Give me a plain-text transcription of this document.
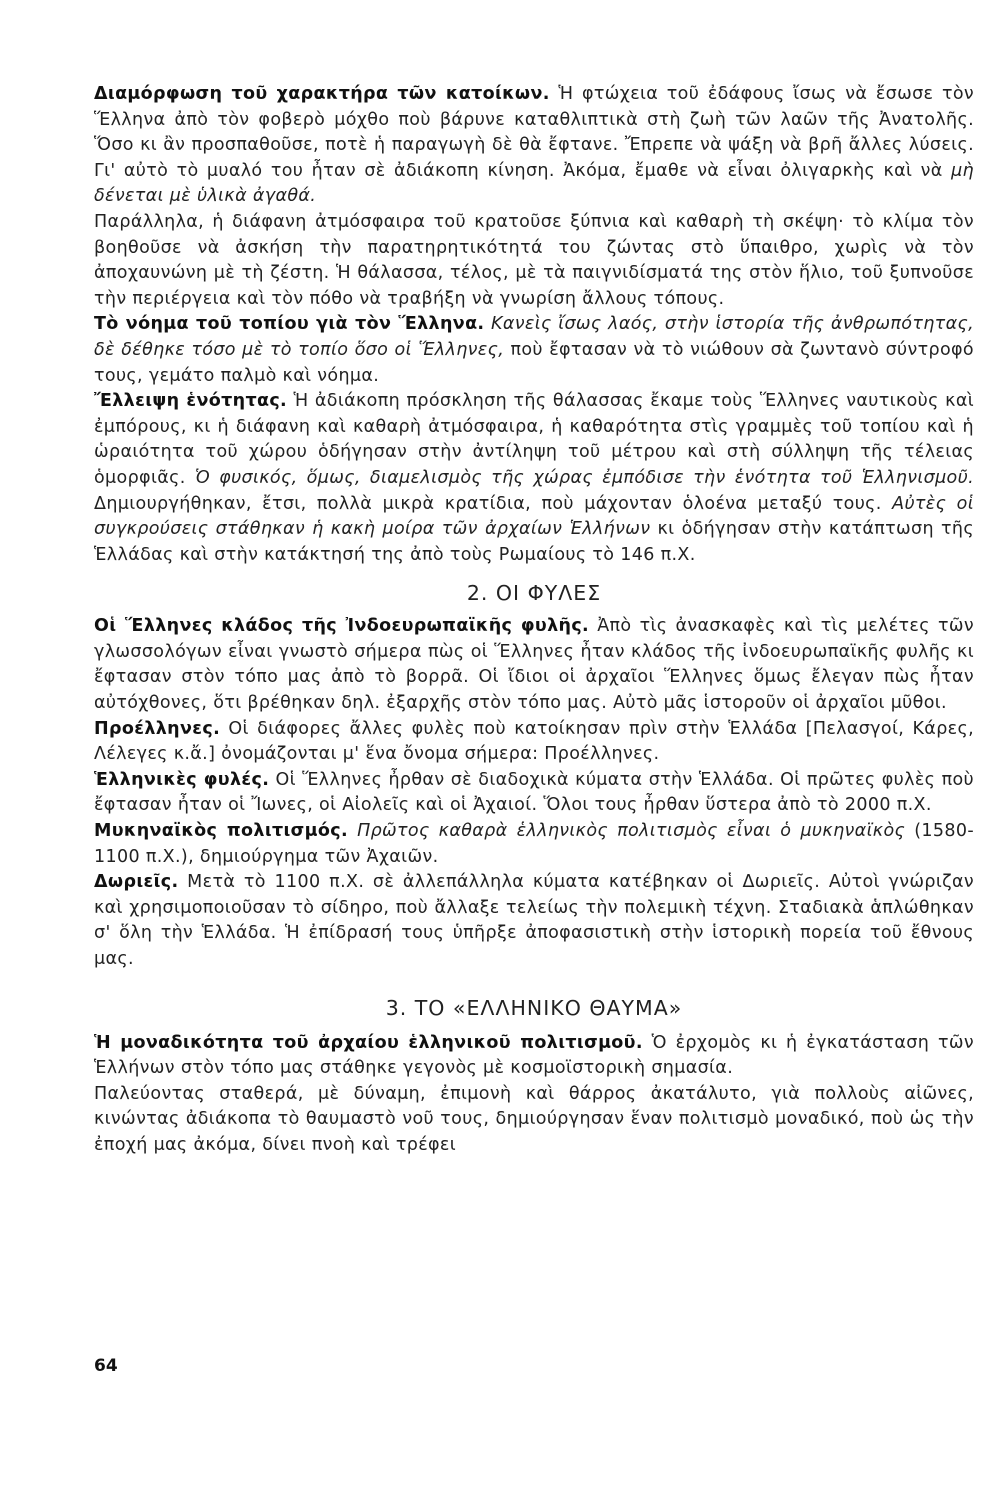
Διαμόρφωση τοῦ χαρακτήρα τῶν κατοίκων. Ἡ φτώχεια τοῦ ἐδάφους ἴσως νὰ ἔσωσε τὸν Ἕλληνα ἀπὸ τὸν φοβερὸ μόχθο ποὺ βάρυνε καταθλιπτικὰ στὴ ζωὴ τῶν λαῶν τῆς Ἀνατολῆς. Ὅσο κι ἂν προσπαθοῦσε, ποτὲ ἡ παραγωγὴ δὲ θὰ ἔφτανε. Ἔπρεπε νὰ ψάξη νὰ βρῆ ἄλλες λύσεις. Γι' αὐτὸ τὸ μυαλό του ἦταν σὲ ἀδιάκοπη κίνηση. Ἀκόμα, ἔμαθε νὰ εἶναι ὀλιγαρκὴς καὶ νὰ μὴ δένεται μὲ ὑλικὰ ἀγαθά.

Παράλληλα, ἡ διάφανη ἀτμόσφαιρα τοῦ κρατοῦσε ξύπνια καὶ καθαρὴ τὴ σκέψη· τὸ κλίμα τὸν βοηθοῦσε νὰ ἀσκήση τὴν παρατηρητικότητά του ζώντας στὸ ὕπαιθρο, χωρὶς νὰ τὸν ἀποχαυνώνη μὲ τὴ ζέστη. Ἡ θάλασσα, τέλος, μὲ τὰ παιγνιδίσματά της στὸν ἥλιο, τοῦ ξυπνοῦσε τὴν περιέργεια καὶ τὸν πόθο νὰ τραβήξη νὰ γνωρίση ἄλλους τόπους.

Τὸ νόημα τοῦ τοπίου γιὰ τὸν Ἕλληνα. Κανεὶς ἴσως λαός, στὴν ἱστορία τῆς ἀνθρωπότητας, δὲ δέθηκε τόσο μὲ τὸ τοπίο ὅσο οἱ Ἕλληνες, ποὺ ἔφτασαν νὰ τὸ νιώθουν σὰ ζωντανὸ σύντροφό τους, γεμάτο παλμὸ καὶ νόημα.

Ἔλλειψη ἑνότητας. Ἡ ἀδιάκοπη πρόσκληση τῆς θάλασσας ἔκαμε τοὺς Ἕλληνες ναυτικοὺς καὶ ἐμπόρους, κι ἡ διάφανη καὶ καθαρὴ ἀτμόσφαιρα, ἡ καθαρότητα στὶς γραμμὲς τοῦ τοπίου καὶ ἡ ὡραιότητα τοῦ χώρου ὁδήγησαν στὴν ἀντίληψη τοῦ μέτρου καὶ στὴ σύλληψη τῆς τέλειας ὁμορφιᾶς. Ὁ φυσικός, ὅμως, διαμελισμὸς τῆς χώρας ἐμπόδισε τὴν ἑνότητα τοῦ Ἑλληνισμοῦ. Δημιουργήθηκαν, ἔτσι, πολλὰ μικρὰ κρατίδια, ποὺ μάχονταν ὁλοένα μεταξύ τους. Αὐτὲς οἱ συγκρούσεις στάθηκαν ἡ κακὴ μοίρα τῶν ἀρχαίων Ἑλλήνων κι ὁδήγησαν στὴν κατάπτωση τῆς Ἑλλάδας καὶ στὴν κατάκτησή της ἀπὸ τοὺς Ρωμαίους τὸ 146 π.Χ.

2. ΟΙ ΦΥΛΕΣ

Οἱ Ἕλληνες κλάδος τῆς Ἰνδοευρωπαϊκῆς φυλῆς. Ἀπὸ τὶς ἀνασκαφὲς καὶ τὶς μελέτες τῶν γλωσσολόγων εἶναι γνωστὸ σήμερα πὼς οἱ Ἕλληνες ἦταν κλάδος τῆς ἰνδοευρωπαϊκῆς φυλῆς κι ἔφτασαν στὸν τόπο μας ἀπὸ τὸ βορρᾶ. Οἱ ἴδιοι οἱ ἀρχαῖοι Ἕλληνες ὅμως ἔλεγαν πὼς ἦταν αὐτόχθονες, ὅτι βρέθηκαν δηλ. ἐξαρχῆς στὸν τόπο μας. Αὐτὸ μᾶς ἱστοροῦν οἱ ἀρχαῖοι μῦθοι.

Προέλληνες. Οἱ διάφορες ἄλλες φυλὲς ποὺ κατοίκησαν πρὶν στὴν Ἑλλάδα [Πελασγοί, Κάρες, Λέλεγες κ.ἄ.] ὀνομάζονται μ' ἕνα ὄνομα σήμερα: Προέλληνες.

Ἑλληνικὲς φυλές. Οἱ Ἕλληνες ἦρθαν σὲ διαδοχικὰ κύματα στὴν Ἑλλάδα. Οἱ πρῶτες φυλὲς ποὺ ἔφτασαν ἦταν οἱ Ἴωνες, οἱ Αἰολεῖς καὶ οἱ Ἀχαιοί. Ὅλοι τους ἦρθαν ὕστερα ἀπὸ τὸ 2000 π.Χ.

Μυκηναϊκὸς πολιτισμός. Πρῶτος καθαρὰ ἑλληνικὸς πολιτισμὸς εἶναι ὁ μυκηναϊκὸς (1580-1100 π.Χ.), δημιούργημα τῶν Ἀχαιῶν.

Δωριεῖς. Μετὰ τὸ 1100 π.Χ. σὲ ἀλλεπάλληλα κύματα κατέβηκαν οἱ Δωριεῖς. Αὐτοὶ γνώριζαν καὶ χρησιμοποιοῦσαν τὸ σίδηρο, ποὺ ἄλλαξε τελείως τὴν πολεμικὴ τέχνη. Σταδιακὰ ἁπλώθηκαν σ' ὅλη τὴν Ἑλλάδα. Ἡ ἐπίδρασή τους ὑπῆρξε ἀποφασιστικὴ στὴν ἱστορικὴ πορεία τοῦ ἔθνους μας.

3. ΤΟ «ΕΛΛΗΝΙΚΟ ΘΑΥΜΑ»

Ἡ μοναδικότητα τοῦ ἀρχαίου ἑλληνικοῦ πολιτισμοῦ. Ὁ ἐρχομὸς κι ἡ ἐγκατάσταση τῶν Ἑλλήνων στὸν τόπο μας στάθηκε γεγονὸς μὲ κοσμοϊστορικὴ σημασία.

Παλεύοντας σταθερά, μὲ δύναμη, ἐπιμονὴ καὶ θάρρος ἀκατάλυτο, γιὰ πολλοὺς αἰῶνες, κινώντας ἀδιάκοπα τὸ θαυμαστὸ νοῦ τους, δημιούργησαν ἕναν πολιτισμὸ μοναδικό, ποὺ ὡς τὴν ἐποχή μας ἀκόμα, δίνει πνοὴ καὶ τρέφει

64
